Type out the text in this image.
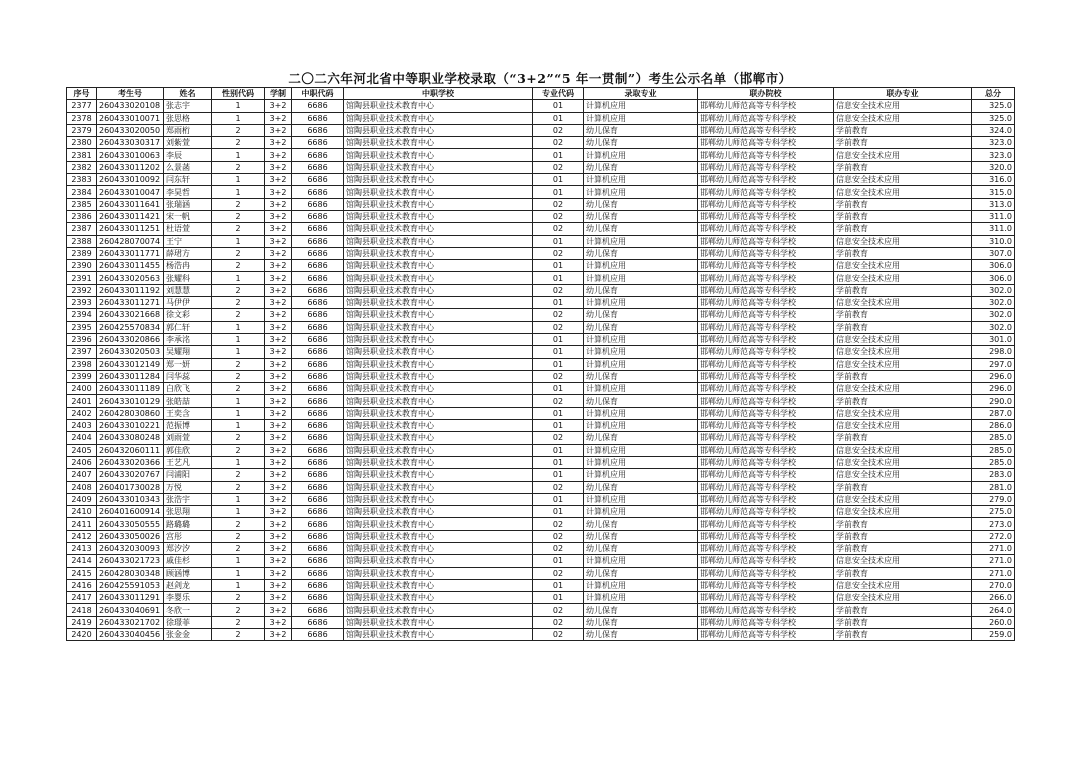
二〇二六年河北省中等职业学校录取（“3+2”“5 年一贯制”）考生公示名单（邯郸市）
序号	考生号	姓名	性别代码	学制	中职代码	中职学校	专业代码	录取专业	联办院校	联办专业	总分
2377	260433020108	张志宇	1	3+2	6686	馆陶县职业技术教育中心	01	计算机应用	邯郸幼儿师范高等专科学校	信息安全技术应用	325.0
2378	260433010071	张思格	1	3+2	6686	馆陶县职业技术教育中心	01	计算机应用	邯郸幼儿师范高等专科学校	信息安全技术应用	325.0
2379	260433020050	郑雨桁	2	3+2	6686	馆陶县职业技术教育中心	02	幼儿保育	邯郸幼儿师范高等专科学校	学前教育	324.0
2380	260433030317	刘紫萱	2	3+2	6686	馆陶县职业技术教育中心	02	幼儿保育	邯郸幼儿师范高等专科学校	学前教育	323.0
2381	260433010063	李辰	1	3+2	6686	馆陶县职业技术教育中心	01	计算机应用	邯郸幼儿师范高等专科学校	信息安全技术应用	323.0
2382	260433011202	么景菡	2	3+2	6686	馆陶县职业技术教育中心	02	幼儿保育	邯郸幼儿师范高等专科学校	学前教育	320.0
2383	260433010092	闫东轩	1	3+2	6686	馆陶县职业技术教育中心	01	计算机应用	邯郸幼儿师范高等专科学校	信息安全技术应用	316.0
2384	260433010047	李昊哲	1	3+2	6686	馆陶县职业技术教育中心	01	计算机应用	邯郸幼儿师范高等专科学校	信息安全技术应用	315.0
2385	260433011641	张瑞涵	2	3+2	6686	馆陶县职业技术教育中心	02	幼儿保育	邯郸幼儿师范高等专科学校	学前教育	313.0
2386	260433011421	宋一帆	2	3+2	6686	馆陶县职业技术教育中心	02	幼儿保育	邯郸幼儿师范高等专科学校	学前教育	311.0
2387	260433011251	杜语萱	2	3+2	6686	馆陶县职业技术教育中心	02	幼儿保育	邯郸幼儿师范高等专科学校	学前教育	311.0
2388	260428070074	王宁	1	3+2	6686	馆陶县职业技术教育中心	01	计算机应用	邯郸幼儿师范高等专科学校	信息安全技术应用	310.0
2389	260433011771	薛珺方	2	3+2	6686	馆陶县职业技术教育中心	02	幼儿保育	邯郸幼儿师范高等专科学校	学前教育	307.0
2390	260433011455	杨浩冉	2	3+2	6686	馆陶县职业技术教育中心	01	计算机应用	邯郸幼儿师范高等专科学校	信息安全技术应用	306.0
2391	260433020563	张耀科	1	3+2	6686	馆陶县职业技术教育中心	01	计算机应用	邯郸幼儿师范高等专科学校	信息安全技术应用	306.0
2392	260433011192	刘慧慧	2	3+2	6686	馆陶县职业技术教育中心	02	幼儿保育	邯郸幼儿师范高等专科学校	学前教育	302.0
2393	260433011271	马伊伊	2	3+2	6686	馆陶县职业技术教育中心	01	计算机应用	邯郸幼儿师范高等专科学校	信息安全技术应用	302.0
2394	260433021668	徐文彩	2	3+2	6686	馆陶县职业技术教育中心	02	幼儿保育	邯郸幼儿师范高等专科学校	学前教育	302.0
2395	260425570834	郭仁轩	1	3+2	6686	馆陶县职业技术教育中心	02	幼儿保育	邯郸幼儿师范高等专科学校	学前教育	302.0
2396	260433020866	李承洺	1	3+2	6686	馆陶县职业技术教育中心	01	计算机应用	邯郸幼儿师范高等专科学校	信息安全技术应用	301.0
2397	260433020503	吴耀翔	1	3+2	6686	馆陶县职业技术教育中心	01	计算机应用	邯郸幼儿师范高等专科学校	信息安全技术应用	298.0
2398	260433012149	郑一妍	2	3+2	6686	馆陶县职业技术教育中心	01	计算机应用	邯郸幼儿师范高等专科学校	信息安全技术应用	297.0
2399	260433011284	闫华蕊	2	3+2	6686	馆陶县职业技术教育中心	02	幼儿保育	邯郸幼儿师范高等专科学校	学前教育	296.0
2400	260433011189	白欣飞	2	3+2	6686	馆陶县职业技术教育中心	01	计算机应用	邯郸幼儿师范高等专科学校	信息安全技术应用	296.0
2401	260433010129	张皓喆	1	3+2	6686	馆陶县职业技术教育中心	02	幼儿保育	邯郸幼儿师范高等专科学校	学前教育	290.0
2402	260428030860	王奕含	1	3+2	6686	馆陶县职业技术教育中心	01	计算机应用	邯郸幼儿师范高等专科学校	信息安全技术应用	287.0
2403	260433010221	范振博	1	3+2	6686	馆陶县职业技术教育中心	01	计算机应用	邯郸幼儿师范高等专科学校	信息安全技术应用	286.0
2404	260433080248	刘雨萱	2	3+2	6686	馆陶县职业技术教育中心	02	幼儿保育	邯郸幼儿师范高等专科学校	学前教育	285.0
2405	260432060111	郭佳欣	2	3+2	6686	馆陶县职业技术教育中心	01	计算机应用	邯郸幼儿师范高等专科学校	信息安全技术应用	285.0
2406	260433020366	王艺凡	1	3+2	6686	馆陶县职业技术教育中心	01	计算机应用	邯郸幼儿师范高等专科学校	信息安全技术应用	285.0
2407	260433020767	闫浦阳	2	3+2	6686	馆陶县职业技术教育中心	01	计算机应用	邯郸幼儿师范高等专科学校	信息安全技术应用	283.0
2408	260401730028	万悦	2	3+2	6686	馆陶县职业技术教育中心	02	幼儿保育	邯郸幼儿师范高等专科学校	学前教育	281.0
2409	260433010343	张浩宇	1	3+2	6686	馆陶县职业技术教育中心	01	计算机应用	邯郸幼儿师范高等专科学校	信息安全技术应用	279.0
2410	260401600914	张思翔	1	3+2	6686	馆陶县职业技术教育中心	01	计算机应用	邯郸幼儿师范高等专科学校	信息安全技术应用	275.0
2411	260433050555	路璐璐	2	3+2	6686	馆陶县职业技术教育中心	02	幼儿保育	邯郸幼儿师范高等专科学校	学前教育	273.0
2412	260433050026	宫彤	2	3+2	6686	馆陶县职业技术教育中心	02	幼儿保育	邯郸幼儿师范高等专科学校	学前教育	272.0
2413	260432030093	郑汐汐	2	3+2	6686	馆陶县职业技术教育中心	02	幼儿保育	邯郸幼儿师范高等专科学校	学前教育	271.0
2414	260433021723	戚佳杉	1	3+2	6686	馆陶县职业技术教育中心	01	计算机应用	邯郸幼儿师范高等专科学校	信息安全技术应用	271.0
2415	260428030348	顾涵博	1	3+2	6686	馆陶县职业技术教育中心	02	幼儿保育	邯郸幼儿师范高等专科学校	学前教育	271.0
2416	260425591053	赵剑龙	1	3+2	6686	馆陶县职业技术教育中心	01	计算机应用	邯郸幼儿师范高等专科学校	信息安全技术应用	270.0
2417	260433011291	李婴乐	2	3+2	6686	馆陶县职业技术教育中心	01	计算机应用	邯郸幼儿师范高等专科学校	信息安全技术应用	266.0
2418	260433040691	冬欣一	2	3+2	6686	馆陶县职业技术教育中心	02	幼儿保育	邯郸幼儿师范高等专科学校	学前教育	264.0
2419	260433021702	徐璟菲	2	3+2	6686	馆陶县职业技术教育中心	02	幼儿保育	邯郸幼儿师范高等专科学校	学前教育	260.0
2420	260433040456	张金金	2	3+2	6686	馆陶县职业技术教育中心	02	幼儿保育	邯郸幼儿师范高等专科学校	学前教育	259.0
